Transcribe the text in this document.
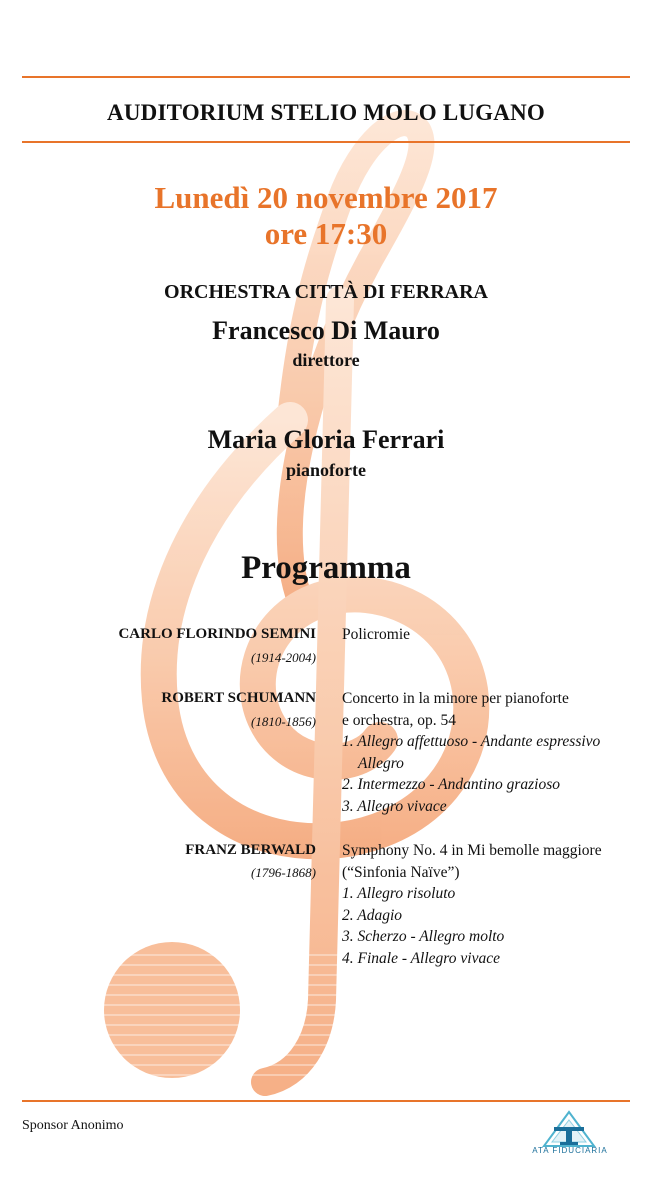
AUDITORIUM STELIO MOLO LUGANO
Lunedì 20 novembre 2017
ore 17:30
ORCHESTRA CITTÀ DI FERRARA
Francesco Di Mauro
direttore
Maria Gloria Ferrari
pianoforte
Programma
CARLO FLORINDO SEMINI
(1914-2004)
Policromie
ROBERT SCHUMANN
(1810-1856)
Concerto in la minore per pianoforte
e orchestra, op. 54
1. Allegro affettuoso - Andante espressivo
Allegro
2. Intermezzo - Andantino grazioso
3. Allegro vivace
FRANZ BERWALD
(1796-1868)
Symphony No. 4 in Mi bemolle maggiore
(“Sinfonia Naïve”)
1. Allegro risoluto
2. Adagio
3. Scherzo - Allegro molto
4. Finale - Allegro vivace
Sponsor Anonimo
ATA FIDUCIARIA
